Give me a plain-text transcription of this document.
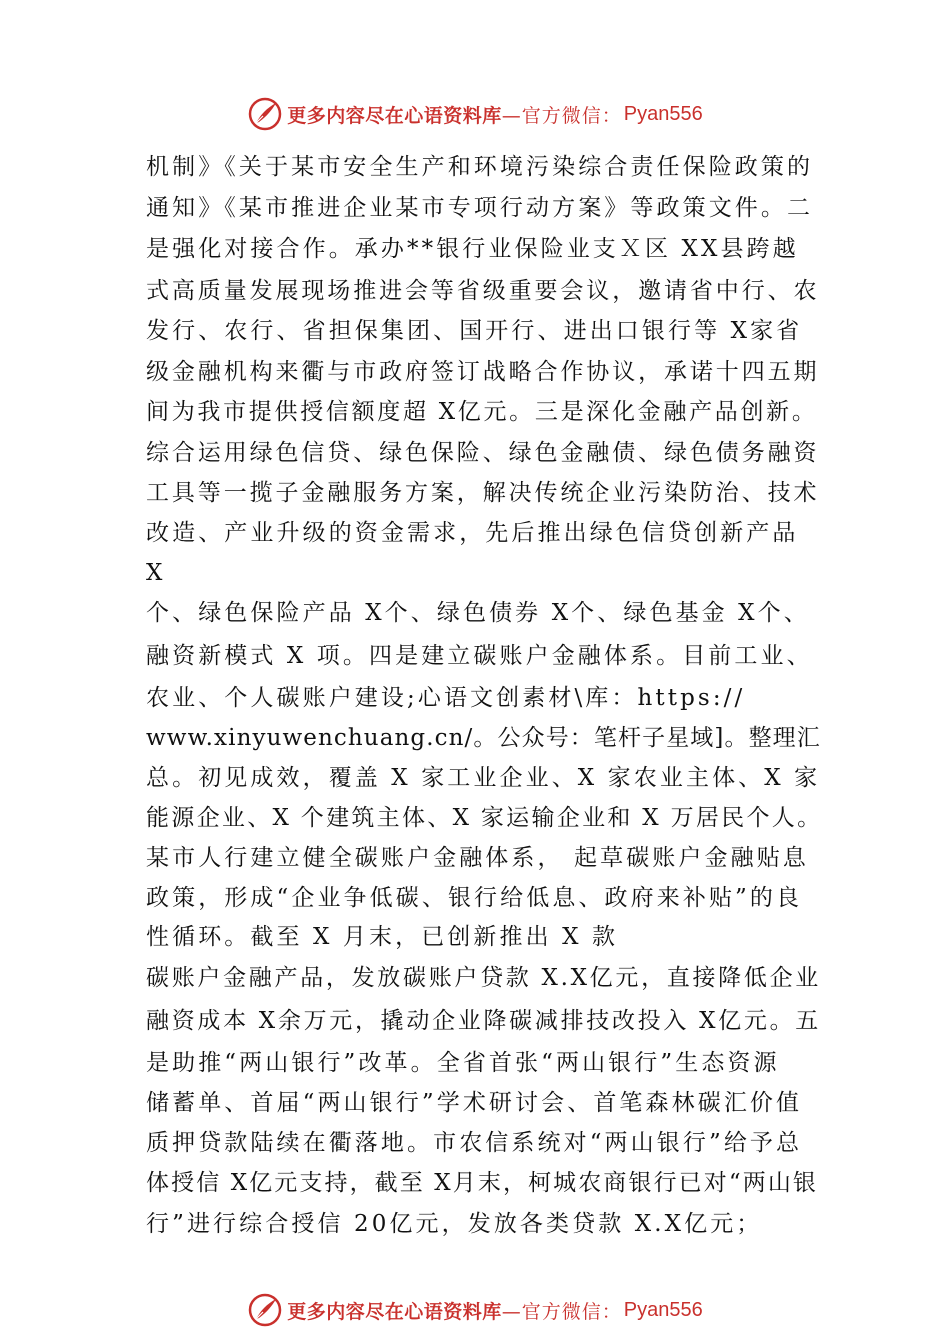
更多内容尽在心语资料库 —官方微信： Pyan556
机制》《关于某市安全生产和环境污染综合责任保险政策的
通知》《某市推进企业某市专项行动方案》等政策文件。二
是强化对接合作。承办**银行业保险业支Ｘ区 XX县跨越
式高质量发展现场推进会等省级重要会议，邀请省中行、农
发行、农行、省担保集团、国开行、进出口银行等 X家省
级金融机构来衢与市政府签订战略合作协议，承诺十四五期
间为我市提供授信额度超 X亿元。三是深化金融产品创新。
综合运用绿色信贷、绿色保险、绿色金融债、绿色债务融资
工具等一揽子金融服务方案，解决传统企业污染防治、技术
改造、产业升级的资金需求，先后推出绿色信贷创新产品
X
个、绿色保险产品 X个、绿色债券 X个、绿色基金 X个、
融资新模式 X 项。四是建立碳账户金融体系。目前工业、
农业、个人碳账户建设;心语文创素材\库：https://
www.xinyuwenchuang.cn/。公众号：笔杆子星域]。整理汇
总。初见成效，覆盖 X 家工业企业、X 家农业主体、X 家
能源企业、X 个建筑主体、X 家运输企业和 X 万居民个人。
某市人行建立健全碳账户金融体系， 起草碳账户金融贴息
政策，形成“企业争低碳、银行给低息、政府来补贴”的良
性循环。截至 X 月末，已创新推出 X 款
碳账户金融产品，发放碳账户贷款 X.X亿元，直接降低企业
融资成本 X余万元，撬动企业降碳减排技改投入 X亿元。五
是助推“两山银行”改革。全省首张“两山银行”生态资源
储蓄单、首届“两山银行”学术研讨会、首笔森林碳汇价值
质押贷款陆续在衢落地。市农信系统对“两山银行”给予总
体授信 X亿元支持，截至 X月末，柯城农商银行已对“两山银
行”进行综合授信 20亿元，发放各类贷款 X.X亿元；
更多内容尽在心语资料库 —官方微信： Pyan556
